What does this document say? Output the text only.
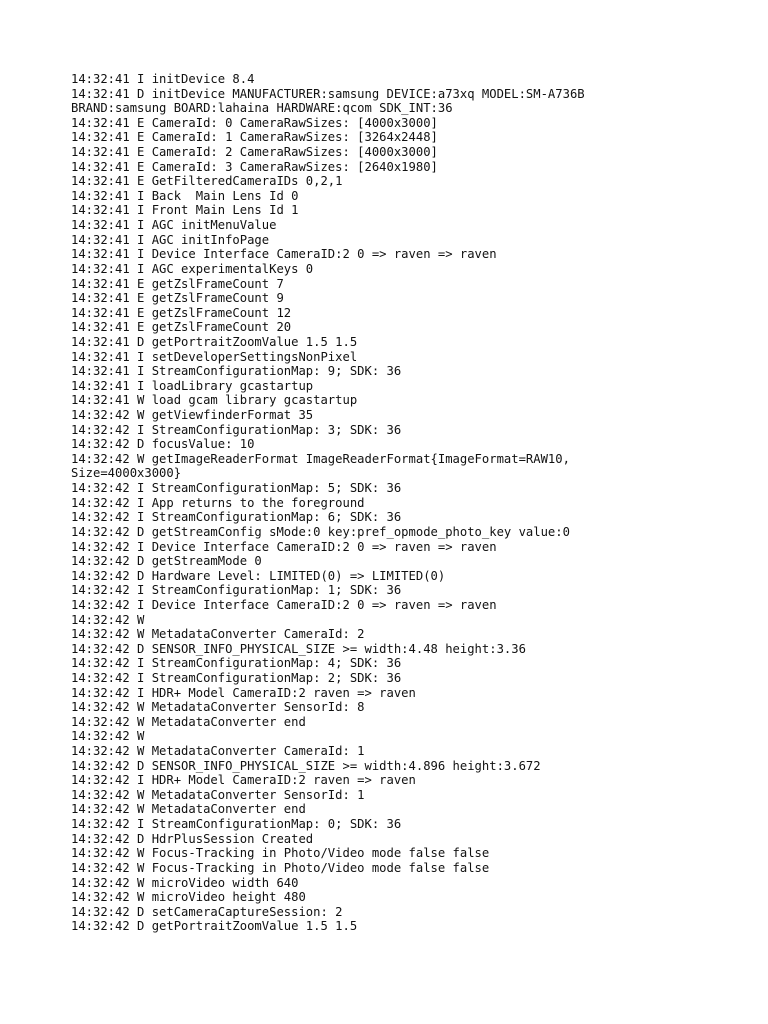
14:32:41 I initDevice 8.4
14:32:41 D initDevice MANUFACTURER:samsung DEVICE:a73xq MODEL:SM-A736B
BRAND:samsung BOARD:lahaina HARDWARE:qcom SDK_INT:36
14:32:41 E CameraId: 0 CameraRawSizes: [4000x3000]
14:32:41 E CameraId: 1 CameraRawSizes: [3264x2448]
14:32:41 E CameraId: 2 CameraRawSizes: [4000x3000]
14:32:41 E CameraId: 3 CameraRawSizes: [2640x1980]
14:32:41 E GetFilteredCameraIDs 0,2,1
14:32:41 I Back  Main Lens Id 0
14:32:41 I Front Main Lens Id 1
14:32:41 I AGC initMenuValue
14:32:41 I AGC initInfoPage
14:32:41 I Device Interface CameraID:2 0 => raven => raven
14:32:41 I AGC experimentalKeys 0
14:32:41 E getZslFrameCount 7
14:32:41 E getZslFrameCount 9
14:32:41 E getZslFrameCount 12
14:32:41 E getZslFrameCount 20
14:32:41 D getPortraitZoomValue 1.5 1.5
14:32:41 I setDeveloperSettingsNonPixel
14:32:41 I StreamConfigurationMap: 9; SDK: 36
14:32:41 I loadLibrary gcastartup
14:32:41 W load gcam library gcastartup
14:32:42 W getViewfinderFormat 35
14:32:42 I StreamConfigurationMap: 3; SDK: 36
14:32:42 D focusValue: 10
14:32:42 W getImageReaderFormat ImageReaderFormat{ImageFormat=RAW10,
Size=4000x3000}
14:32:42 I StreamConfigurationMap: 5; SDK: 36
14:32:42 I App returns to the foreground
14:32:42 I StreamConfigurationMap: 6; SDK: 36
14:32:42 D getStreamConfig sMode:0 key:pref_opmode_photo_key value:0
14:32:42 I Device Interface CameraID:2 0 => raven => raven
14:32:42 D getStreamMode 0
14:32:42 D Hardware Level: LIMITED(0) => LIMITED(0)
14:32:42 I StreamConfigurationMap: 1; SDK: 36
14:32:42 I Device Interface CameraID:2 0 => raven => raven
14:32:42 W
14:32:42 W MetadataConverter CameraId: 2
14:32:42 D SENSOR_INFO_PHYSICAL_SIZE >= width:4.48 height:3.36
14:32:42 I StreamConfigurationMap: 4; SDK: 36
14:32:42 I StreamConfigurationMap: 2; SDK: 36
14:32:42 I HDR+ Model CameraID:2 raven => raven
14:32:42 W MetadataConverter SensorId: 8
14:32:42 W MetadataConverter end
14:32:42 W
14:32:42 W MetadataConverter CameraId: 1
14:32:42 D SENSOR_INFO_PHYSICAL_SIZE >= width:4.896 height:3.672
14:32:42 I HDR+ Model CameraID:2 raven => raven
14:32:42 W MetadataConverter SensorId: 1
14:32:42 W MetadataConverter end
14:32:42 I StreamConfigurationMap: 0; SDK: 36
14:32:42 D HdrPlusSession Created
14:32:42 W Focus-Tracking in Photo/Video mode false false
14:32:42 W Focus-Tracking in Photo/Video mode false false
14:32:42 W microVideo width 640
14:32:42 W microVideo height 480
14:32:42 D setCameraCaptureSession: 2
14:32:42 D getPortraitZoomValue 1.5 1.5
